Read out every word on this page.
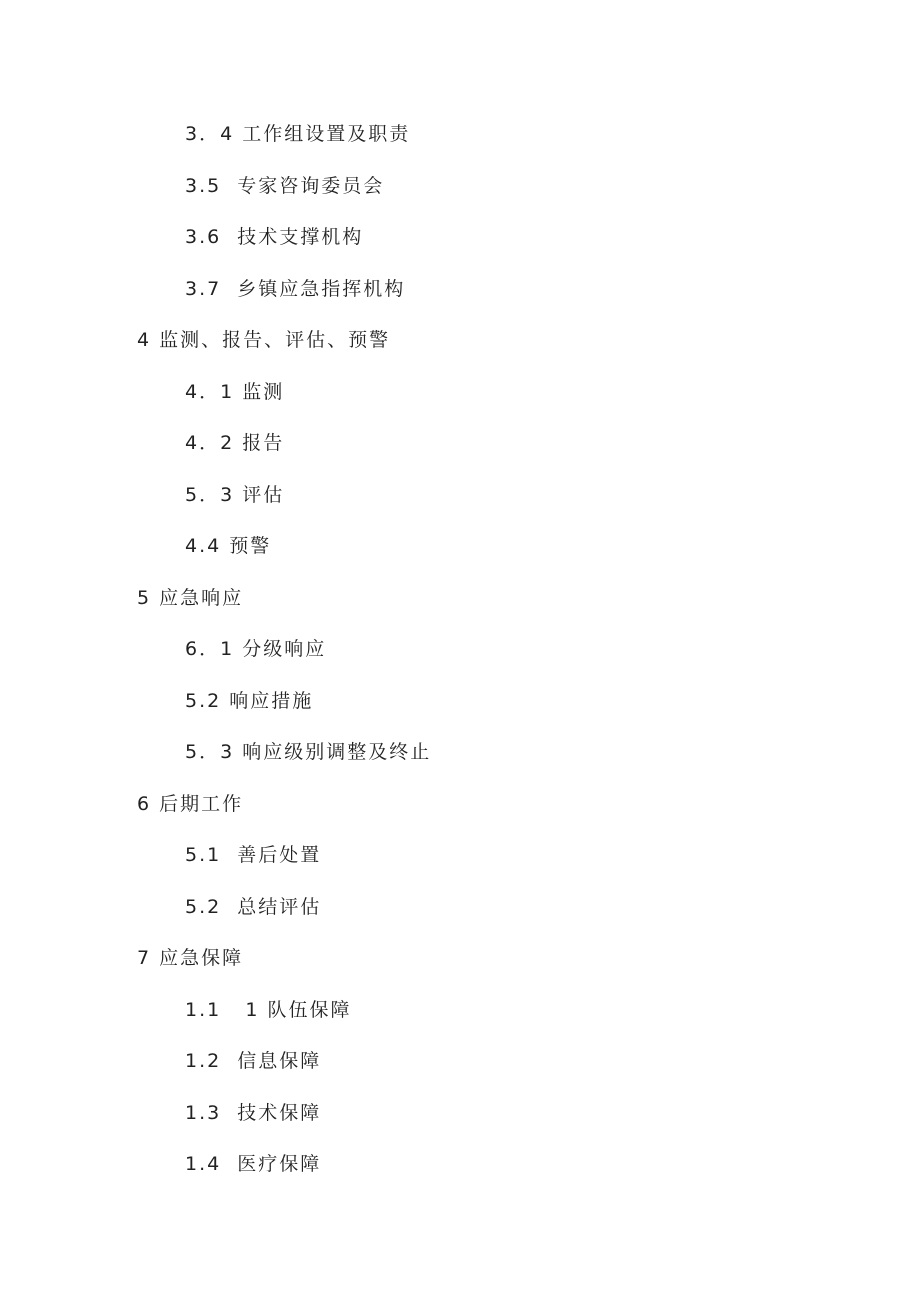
3．4 工作组设置及职责
3.5  专家咨询委员会
3.6  技术支撑机构
3.7  乡镇应急指挥机构
4 监测、报告、评估、预警
4．1 监测
4．2 报告
5．3 评估
4.4 预警
5 应急响应
6．1 分级响应
5.2 响应措施
5．3 响应级别调整及终止
6 后期工作
5.1  善后处置
5.2  总结评估
7 应急保障
1.1   1 队伍保障
1.2  信息保障
1.3  技术保障
1.4  医疗保障
